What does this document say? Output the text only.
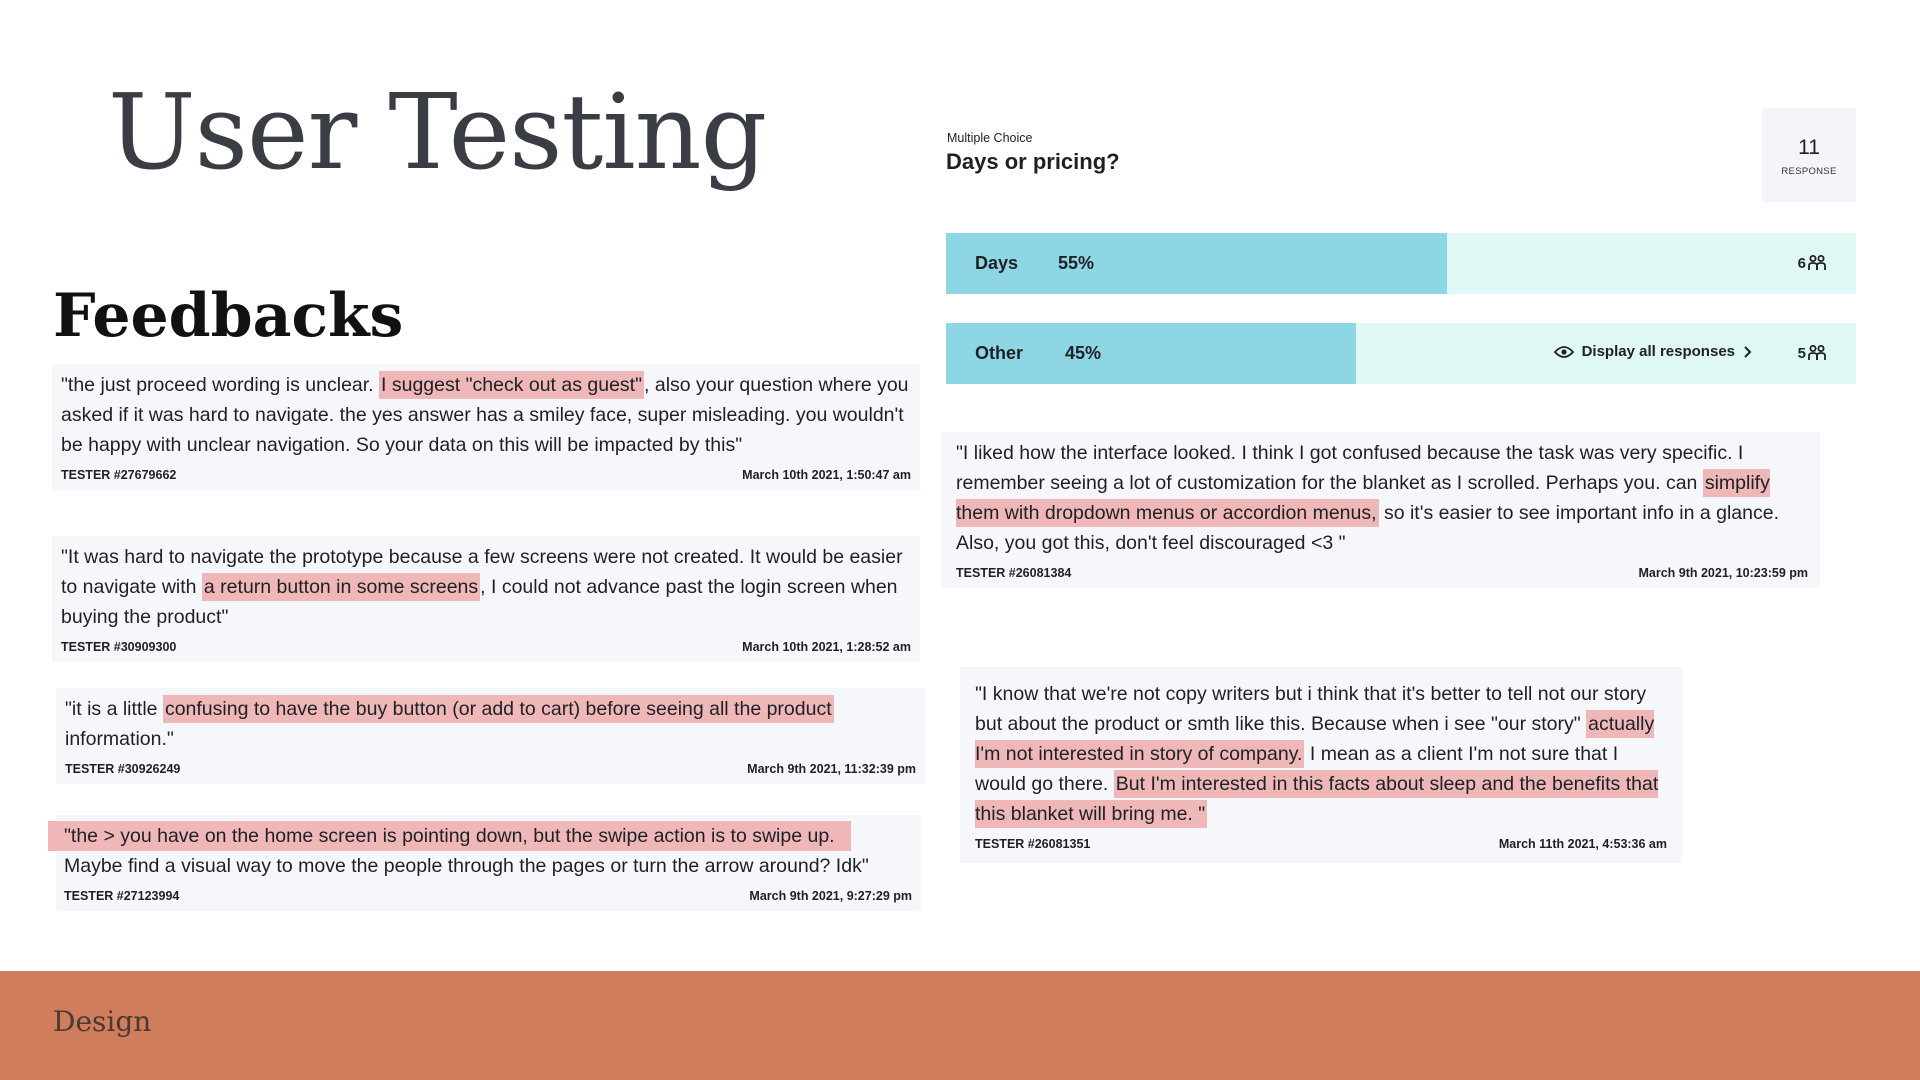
User Testing
Feedbacks
"the just proceed wording is unclear. I suggest "check out as guest" , also your question where you asked if it was hard to navigate. the yes answer has a smiley face, super misleading. you wouldn't be happy with unclear navigation. So your data on this will be impacted by this"
TESTER #27679662	March 10th 2021, 1:50:47 am
"It was hard to navigate the prototype because a few screens were not created. It would be easier to navigate with a return button in some screens , I could not advance past the login screen when buying the product"
TESTER #30909300	March 10th 2021, 1:28:52 am
"it is a little confusing to have the buy button (or add to cart) before seeing all the product information."
TESTER #30926249	March 9th 2021, 11:32:39 pm
"the > you have on the home screen is pointing down, but the swipe action is to swipe up. Maybe find a visual way to move the people through the pages or turn the arrow around? Idk"
TESTER #27123994	March 9th 2021, 9:27:29 pm
Multiple Choice
Days or pricing?
11
RESPONSE
Days 55%	6
Other 45%	Display all responses	5
"I liked how the interface looked. I think I got confused because the task was very specific. I remember seeing a lot of customization for the blanket as I scrolled. Perhaps you. can simplify them with dropdown menus or accordion menus, so it's easier to see important info in a glance. Also, you got this, don't feel discouraged <3 "
TESTER #26081384	March 9th 2021, 10:23:59 pm
"I know that we're not copy writers but i think that it's better to tell not our story but about the product or smth like this. Because when i see "our story" actually I'm not interested in story of company. I mean as a client I'm not sure that I would go there. But I'm interested in this facts about sleep and the benefits that this blanket will bring me. "
TESTER #26081351	March 11th 2021, 4:53:36 am
Design
